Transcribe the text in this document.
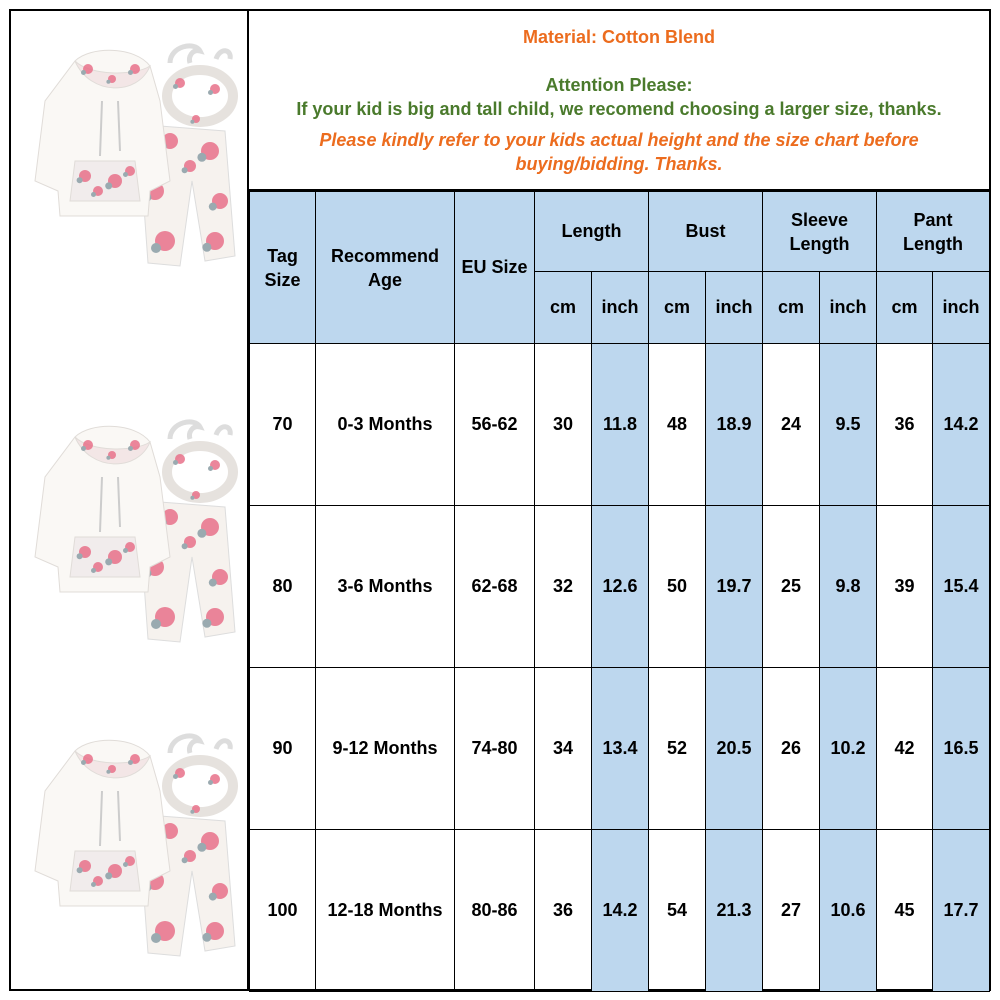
Material: Cotton Blend
Attention Please:
If your kid is big and tall child, we recomend choosing a larger size, thanks.
Please kindly refer to your kids actual height and the size chart before
buying/bidding. Thanks.
Tag Size	Recommend Age	EU Size	Length		Bust		Sleeve Length		Pant Length	
			cm	inch	cm	inch	cm	inch	cm	inch
70	0-3 Months	56-62	30	11.8	48	18.9	24	9.5	36	14.2
80	3-6 Months	62-68	32	12.6	50	19.7	25	9.8	39	15.4
90	9-12 Months	74-80	34	13.4	52	20.5	26	10.2	42	16.5
100	12-18 Months	80-86	36	14.2	54	21.3	27	10.6	45	17.7
